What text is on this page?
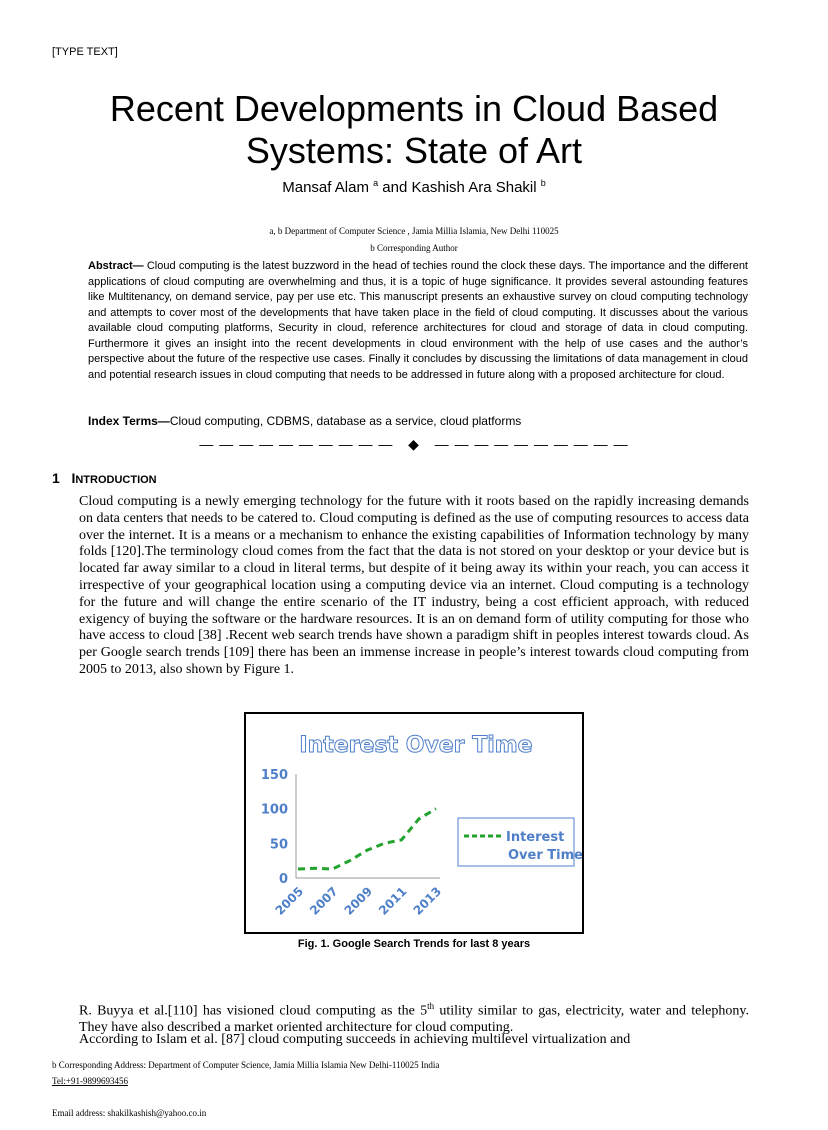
[TYPE TEXT]
Recent Developments in Cloud Based
Systems: State of Art
Mansaf Alam $^a$ and Kashish Ara Shakil $^b$
a, b Department of Computer Science , Jamia Millia Islamia, New Delhi 110025
b Corresponding Author
Abstract— Cloud computing is the latest buzzword in the head of techies round the clock these days. The importance and the different applications of cloud computing are overwhelming and thus, it is a topic of huge significance. It provides several astounding features like Multitenancy, on demand service, pay per use etc. This manuscript presents an exhaustive survey on cloud computing technology and attempts to cover most of the developments that have taken place in the field of cloud computing. It discusses about the various available cloud computing platforms, Security in cloud, reference architectures for cloud and storage of data in cloud computing. Furthermore it gives an insight into the recent developments in cloud environment with the help of use cases and the author’s perspective about the future of the respective use cases. Finally it concludes by discussing the limitations of data management in cloud and potential research issues in cloud computing that needs to be addressed in future along with a proposed architecture for cloud.
Index Terms—Cloud computing, CDBMS, database as a service, cloud platforms
— — — — — — — — — — ◆ — — — — — — — — — —
1 INTRODUCTION
Cloud computing is a newly emerging technology for the future with it roots based on the rapidly increasing demands on data centers that needs to be catered to. Cloud computing is defined as the use of computing resources to access data over the internet. It is a means or a mechanism to enhance the existing capabilities of Information technology by many folds [120].The terminology cloud comes from the fact that the data is not stored on your desktop or your device but is located far away similar to a cloud in literal terms, but despite of it being away its within your reach, you can access it irrespective of your geographical location using a computing device via an internet. Cloud computing is a technology for the future and will change the entire scenario of the IT industry, being a cost efficient approach, with reduced exigency of buying the software or the hardware resources. It is an on demand form of utility computing for those who have access to cloud [38] .Recent web search trends have shown a paradigm shift in peoples interest towards cloud. As per Google search trends [109] there has been an immense increase in people’s interest towards cloud computing from 2005 to 2013, also shown by Figure 1.
Interest Over Time
0
50
100
150
2005 2007 2009 2011 2013
Interest
Over Time
Fig. 1. Google Search Trends for last 8 years
R. Buyya et al.[110] has visioned cloud computing as the 5th utility similar to gas, electricity, water and telephony. They have also described a market oriented architecture for cloud computing.
According to Islam et al. [87] cloud computing succeeds in achieving multilevel virtualization and
b Corresponding Address: Department of Computer Science, Jamia Millia Islamia New Delhi-110025 India
Tel:+91-9899693456
Email address: shakilkashish@yahoo.co.in
